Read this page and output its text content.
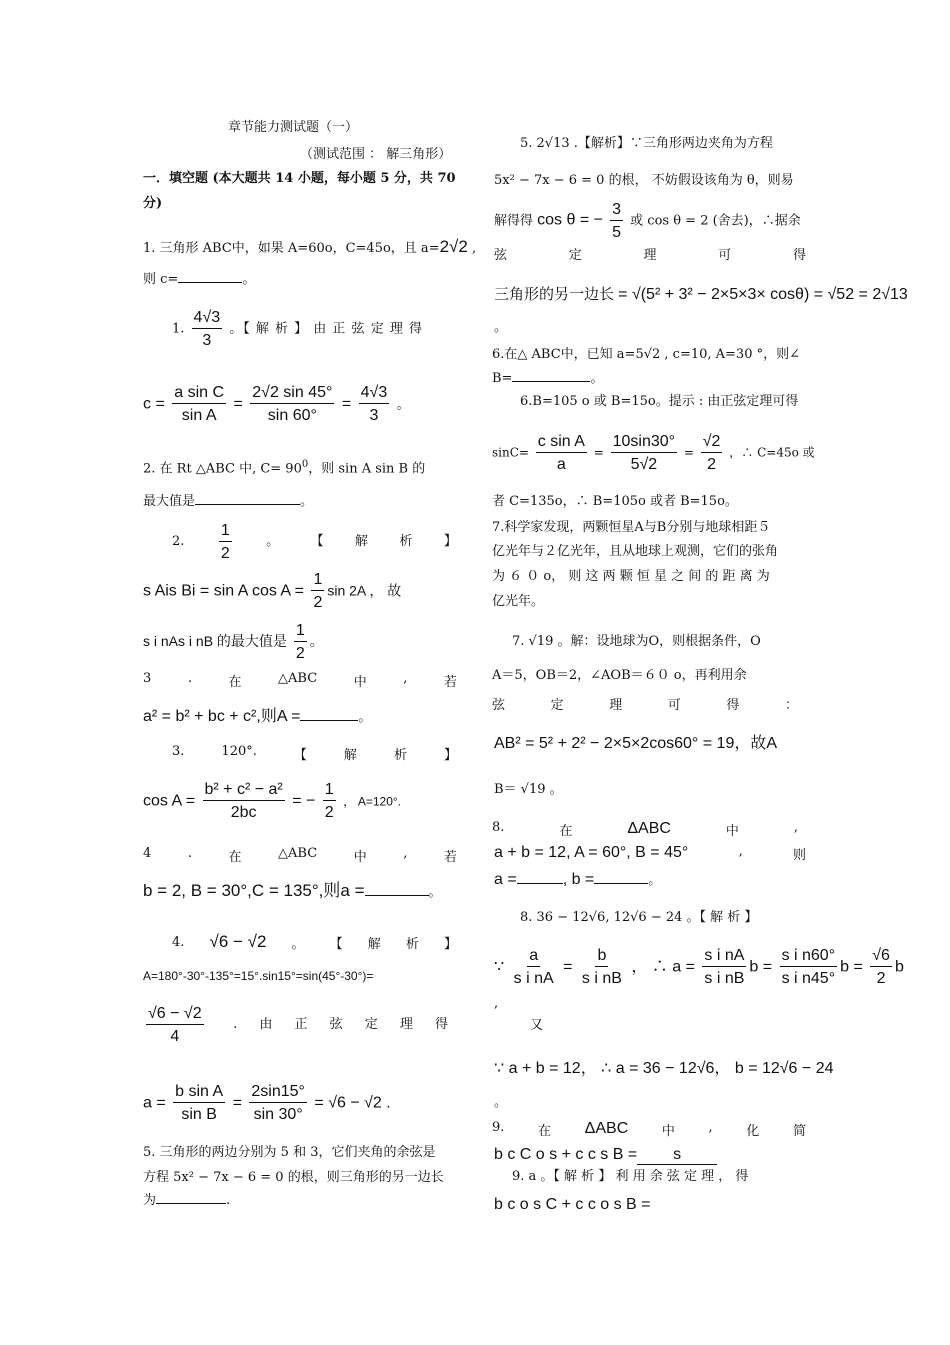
章节能力测试题（一）
（测试范围 ： 解三角形）
一．填空题 (本大题共 14 小题，每小题 5 分，共 70
分)
1. 三角形 ABC中，如果 A=60o，C=45o，且 a=2√2 ,
则 c=	。
1. $\frac{4√3}{3}$ 。【 解 析 】 由 正 弦 定 理 得
$c = \frac{\text{a sin C}}{\text{sin A}} = \frac{2√2 \sin 45^\circ}{\sin 60^\circ} = \frac{4√3}{3}$ 。
2. 在 Rt △ABC 中, $C= 90^0$，则 sin A sin B 的
最大值是	。
2. $\frac{1}{2}$	。 【 解 析 】
s Ais Bi = sin A $\cos A = \frac{1}{2}$ sin 2A ， 故
s i nAs i nB 的最大值是 $\frac{1}{2}$ 。
3	.	在	△ABC	中	,	若
a² = b² + bc + c²,则A =	。
3.	120°.	【	解	析	】
$\cos A = \frac{\text{b² + c² − a²}}{2bc}$ = − $\frac{1}{2}$ ， A=120°.
4	.	在	△ABC	中	,	若
b = 2, B = 30°,C = 135°,则a =	。
4. √6 − √2 。 【 解 析 】
A=180°-30°-135°=15°.sin15°=sin(45°-30°)=
$\frac{√6 - √2}{4}$ . 由 正 弦 定 理 得
$a = \frac{\text{b sin A}}{\text{sin B}} = \frac{2\sin 15^\circ}{\sin 30^\circ} = √6 - √2$ .
5. 三角形的两边分别为 5 和 3，它们夹角的余弦是
方程 5x² − 7x − 6 = 0 的根，则三角形的另一边长
为	.
5. 2√13 .【解析】∵三角形两边夹角为方程
5x² − 7x − 6 = 0 的根， 不妨假设该角为 θ，则易
解得得 cos θ = − $\frac{3}{5}$ 或 cos θ = 2 (舍去)，∴据余
弦	定	理	可	得
三角形的另一边长 = √(5² + 3² − 2×5×3× cosθ) = √52 = 2√13
。
6.在△ ABC中，已知 a=5√2 , c=10, A=30 °，则∠
B=	。
6.B=105 o 或 B=15o。提示 : 由正弦定理可得
$\sin C= \frac{\text{c sin A}}{a} = \frac{10\sin 30^\circ}{5√2} = \frac{√2}{2}$ ，∴ C=45o 或
者 C=135o，∴ B=105o 或者 B=15o。
7.科学家发现，两颗恒星A与B分别与地球相距５
亿光年与２亿光年，且从地球上观测，它们的张角
为 ６ ０ o， 则 这 两 颗 恒 星 之 间 的 距 离 为
亿光年。
7. √19 。解：设地球为O，则根据条件，O
A＝5，OB＝2，∠AOB＝６０ o，再利用余
弦	定	理	可	得	：
AB² = 5² + 2² − 2×5×2cos60° = 19，故A
B＝ √19 。
8.	在	ΔABC	中	,
a + b = 12, A = 60°, B = 45°	,	则
a =	, b =	。
8. 36 − 12√6, 12√6 − 24 。【 解 析 】
∵ $\frac{a}{\text{s i nA}} = \frac{b}{\text{s i nB}}$ ， ∴ $a = \frac{\text{s i nA}}{\text{s i nB}}$ $b = \frac{\text{s i n60°}}{\text{s i n45°}}$ $b = \frac{√6}{2}$ b
,
又
∵ a + b = 12， ∴ a = 36 − 12√6， b = 12√6 − 24
。
9.	在 ΔABC	中	,	化	简
b c C o s + c c s B = s
9. a 。【 解 析 】 利 用 余 弦 定 理 ， 得
b c o s C + c c o s B =
